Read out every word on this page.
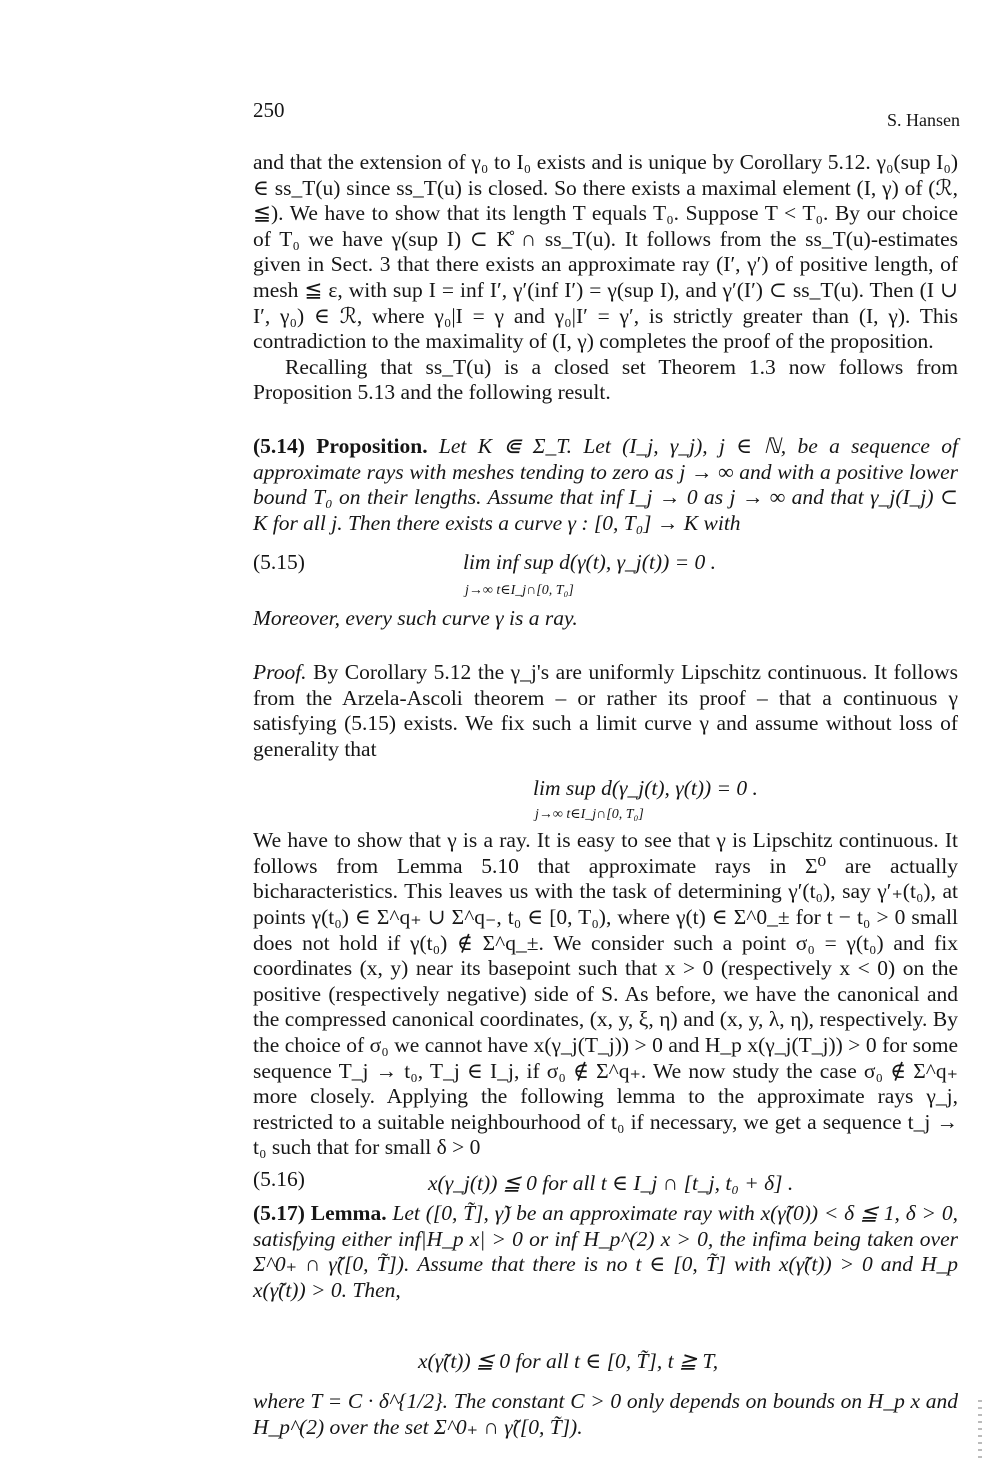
250	S. Hansen

and that the extension of γ₀ to I₀ exists and is unique by Corollary 5.12. γ₀(sup I₀) ∈ ss_T(u) since ss_T(u) is closed. So there exists a maximal element (I, γ) of (ℛ, ≦). We have to show that its length T equals T₀. Suppose T < T₀. By our choice of T₀ we have γ(sup I) ⊂ K̊ ∩ ss_T(u). It follows from the ss_T(u)-estimates given in Sect. 3 that there exists an approximate ray (I′, γ′) of positive length, of mesh ≦ ε, with sup I = inf I′, γ′(inf I′) = γ(sup I), and γ′(I′) ⊂ ss_T(u). Then (I ∪ I′, γ₀) ∈ ℛ, where γ₀|I = γ and γ₀|I′ = γ′, is strictly greater than (I, γ). This contradiction to the maximality of (I, γ) completes the proof of the proposition.

Recalling that ss_T(u) is a closed set Theorem 1.3 now follows from Proposition 5.13 and the following result.

(5.14) Proposition. Let K ⋐ Σ_T. Let (I_j, γ_j), j ∈ ℕ, be a sequence of approximate rays with meshes tending to zero as j → ∞ and with a positive lower bound T₀ on their lengths. Assume that inf I_j → 0 as j → ∞ and that γ_j(I_j) ⊂ K for all j. Then there exists a curve γ : [0, T₀] → K with

(5.15)	lim inf sup d(γ(t), γ_j(t)) = 0 .
j→∞ t∈I_j∩[0, T₀]

Moreover, every such curve γ is a ray.

Proof. By Corollary 5.12 the γ_j's are uniformly Lipschitz continuous. It follows from the Arzela-Ascoli theorem – or rather its proof – that a continuous γ satisfying (5.15) exists. We fix such a limit curve γ and assume without loss of generality that

lim sup d(γ_j(t), γ(t)) = 0 .
j→∞ t∈I_j∩[0, T₀]

We have to show that γ is a ray. It is easy to see that γ is Lipschitz continuous. It follows from Lemma 5.10 that approximate rays in Σ⁰ are actually bicharacteristics. This leaves us with the task of determining γ′(t₀), say γ′₊(t₀), at points γ(t₀) ∈ Σ^q₊ ∪ Σ^q₋, t₀ ∈ [0, T₀), where γ(t) ∈ Σ^0_± for t − t₀ > 0 small does not hold if γ(t₀) ∉ Σ^q_±. We consider such a point σ₀ = γ(t₀) and fix coordinates (x, y) near its basepoint such that x > 0 (respectively x < 0) on the positive (respectively negative) side of S. As before, we have the canonical and the compressed canonical coordinates, (x, y, ξ, η) and (x, y, λ, η), respectively. By the choice of σ₀ we cannot have x(γ_j(T_j)) > 0 and H_p x(γ_j(T_j)) > 0 for some sequence T_j → t₀, T_j ∈ I_j, if σ₀ ∉ Σ^q₊. We now study the case σ₀ ∉ Σ^q₊ more closely. Applying the following lemma to the approximate rays γ_j, restricted to a suitable neighbourhood of t₀ if necessary, we get a sequence t_j → t₀ such that for small δ > 0

(5.16)	x(γ_j(t)) ≦ 0 for all t ∈ I_j ∩ [t_j, t₀ + δ] .

(5.17) Lemma. Let ([0, T̃], γ̃) be an approximate ray with x(γ̃(0)) < δ ≦ 1, δ > 0, satisfying either inf|H_p x| > 0 or inf H_p^(2) x > 0, the infima being taken over Σ^0₊ ∩ γ̃([0, T̃]). Assume that there is no t ∈ [0, T̃] with x(γ̃(t)) > 0 and H_p x(γ̃(t)) > 0. Then,

x(γ̃(t)) ≦ 0 for all t ∈ [0, T̃], t ≧ T,

where T = C · δ^{1/2}. The constant C > 0 only depends on bounds on H_p x and H_p^(2) over the set Σ^0₊ ∩ γ̃([0, T̃]).
